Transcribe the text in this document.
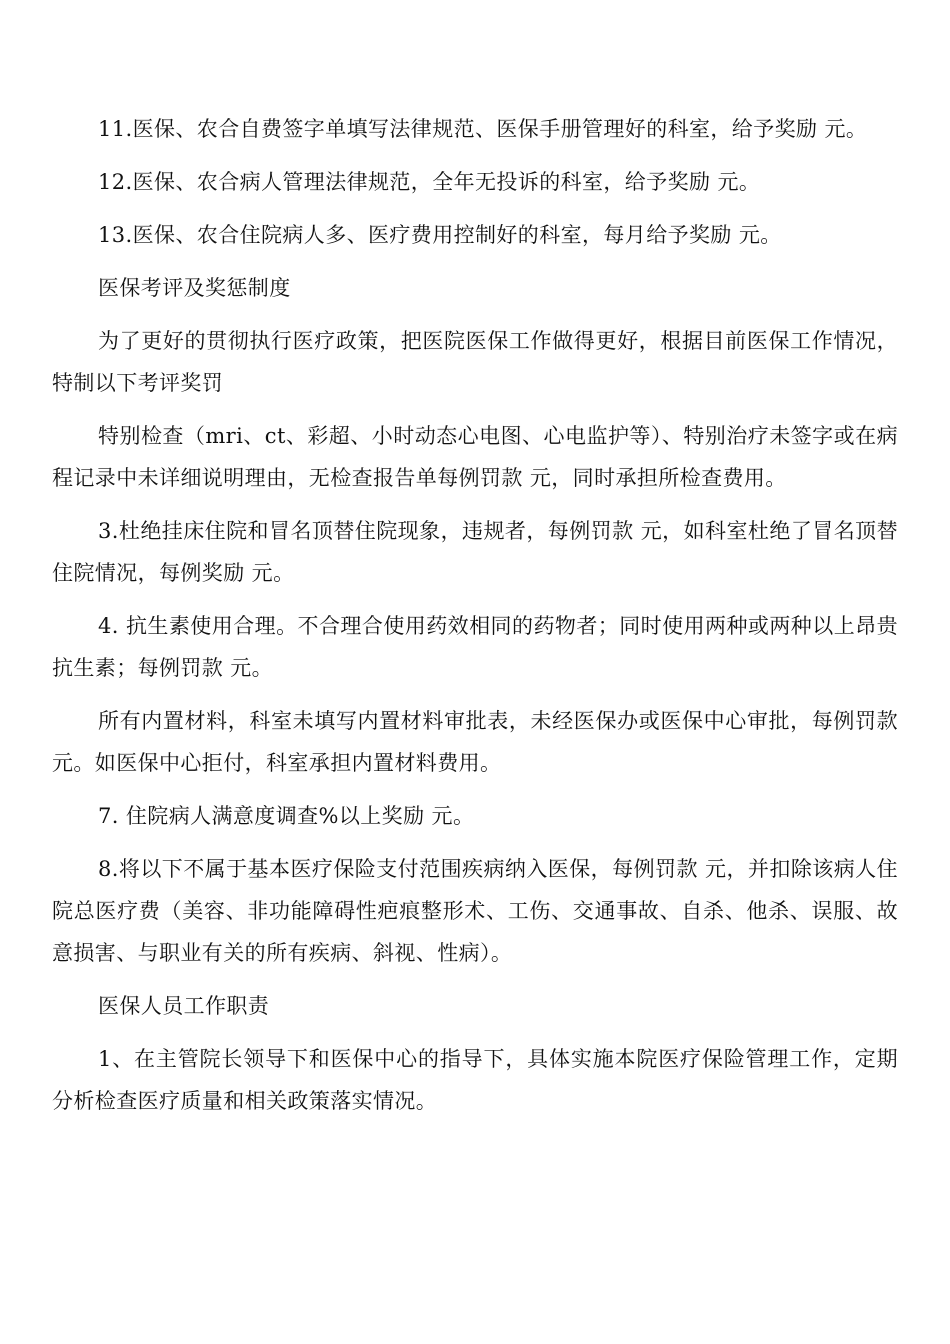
11.医保、农合自费签字单填写法律规范、医保手册管理好的科室，给予奖励 元。

12.医保、农合病人管理法律规范，全年无投诉的科室，给予奖励 元。

13.医保、农合住院病人多、医疗费用控制好的科室，每月给予奖励 元。

医保考评及奖惩制度

为了更好的贯彻执行医疗政策，把医院医保工作做得更好，根据目前医保工作情况，特制以下考评奖罚

特别检查（mri、ct、彩超、小时动态心电图、心电监护等）、特别治疗未签字或在病程记录中未详细说明理由，无检查报告单每例罚款 元，同时承担所检查费用。

3.杜绝挂床住院和冒名顶替住院现象，违规者，每例罚款 元，如科室杜绝了冒名顶替住院情况，每例奖励 元。

4. 抗生素使用合理。不合理合使用药效相同的药物者；同时使用两种或两种以上昂贵抗生素；每例罚款 元。

所有内置材料，科室未填写内置材料审批表，未经医保办或医保中心审批，每例罚款 元。如医保中心拒付，科室承担内置材料费用。

7. 住院病人满意度调查%以上奖励 元。

8.将以下不属于基本医疗保险支付范围疾病纳入医保，每例罚款 元，并扣除该病人住院总医疗费（美容、非功能障碍性疤痕整形术、工伤、交通事故、自杀、他杀、误服、故意损害、与职业有关的所有疾病、斜视、性病）。

医保人员工作职责

1、在主管院长领导下和医保中心的指导下，具体实施本院医疗保险管理工作，定期分析检查医疗质量和相关政策落实情况。
